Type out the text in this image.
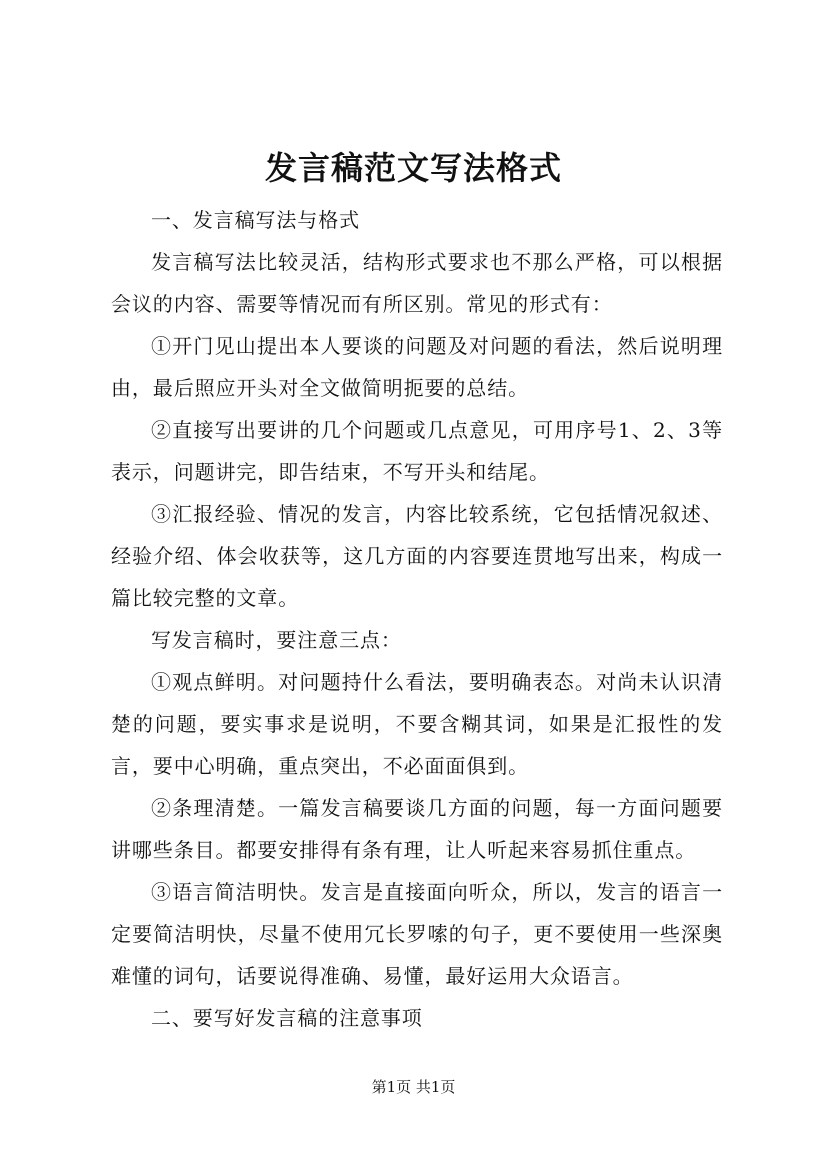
发言稿范文写法格式

一、发言稿写法与格式

发言稿写法比较灵活，结构形式要求也不那么严格，可以根据会议的内容、需要等情况而有所区别。常见的形式有：

①开门见山提出本人要谈的问题及对问题的看法，然后说明理由，最后照应开头对全文做简明扼要的总结。

②直接写出要讲的几个问题或几点意见，可用序号1、2、3等表示，问题讲完，即告结束，不写开头和结尾。

③汇报经验、情况的发言，内容比较系统，它包括情况叙述、经验介绍、体会收获等，这几方面的内容要连贯地写出来，构成一篇比较完整的文章。

写发言稿时，要注意三点：

①观点鲜明。对问题持什么看法，要明确表态。对尚未认识清楚的问题，要实事求是说明，不要含糊其词，如果是汇报性的发言，要中心明确，重点突出，不必面面俱到。

②条理清楚。一篇发言稿要谈几方面的问题，每一方面问题要讲哪些条目。都要安排得有条有理，让人听起来容易抓住重点。

③语言简洁明快。发言是直接面向听众，所以，发言的语言一定要简洁明快，尽量不使用冗长罗嗦的句子，更不要使用一些深奥难懂的词句，话要说得准确、易懂，最好运用大众语言。

二、要写好发言稿的注意事项

第1页 共1页
